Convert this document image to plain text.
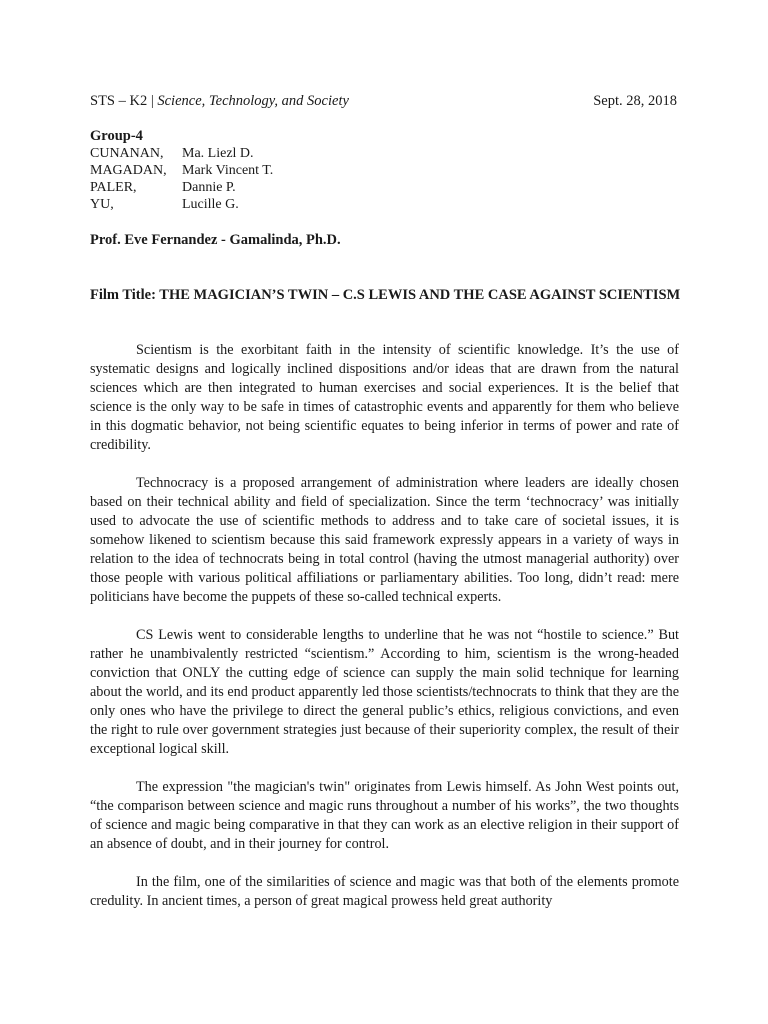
STS – K2 | Science, Technology, and Society	Sept. 28, 2018
Group-4
CUNANAN, Ma. Liezl D.
MAGADAN, Mark Vincent T.
PALER,	Dannie P.
YU,	Lucille G.
Prof. Eve Fernandez - Gamalinda, Ph.D.
Film Title: THE MAGICIAN’S TWIN – C.S LEWIS AND THE CASE AGAINST SCIENTISM

Scientism is the exorbitant faith in the intensity of scientific knowledge. It’s the use of systematic designs and logically inclined dispositions and/or ideas that are drawn from the natural sciences which are then integrated to human exercises and social experiences. It is the belief that science is the only way to be safe in times of catastrophic events and apparently for them who believe in this dogmatic behavior, not being scientific equates to being inferior in terms of power and rate of credibility.

Technocracy is a proposed arrangement of administration where leaders are ideally chosen based on their technical ability and field of specialization. Since the term ‘technocracy’ was initially used to advocate the use of scientific methods to address and to take care of societal issues, it is somehow likened to scientism because this said framework expressly appears in a variety of ways in relation to the idea of technocrats being in total control (having the utmost managerial authority) over those people with various political affiliations or parliamentary abilities. Too long, didn’t read: mere politicians have become the puppets of these so-called technical experts.

CS Lewis went to considerable lengths to underline that he was not “hostile to science.” But rather he unambivalently restricted “scientism.” According to him, scientism is the wrong-headed conviction that ONLY the cutting edge of science can supply the main solid technique for learning about the world, and its end product apparently led those scientists/technocrats to think that they are the only ones who have the privilege to direct the general public’s ethics, religious convictions, and even the right to rule over government strategies just because of their superiority complex, the result of their exceptional logical skill.

The expression "the magician's twin" originates from Lewis himself. As John West points out, “the comparison between science and magic runs throughout a number of his works”, the two thoughts of science and magic being comparative in that they can work as an elective religion in their support of an absence of doubt, and in their journey for control.

In the film, one of the similarities of science and magic was that both of the elements promote credulity. In ancient times, a person of great magical prowess held great authority
